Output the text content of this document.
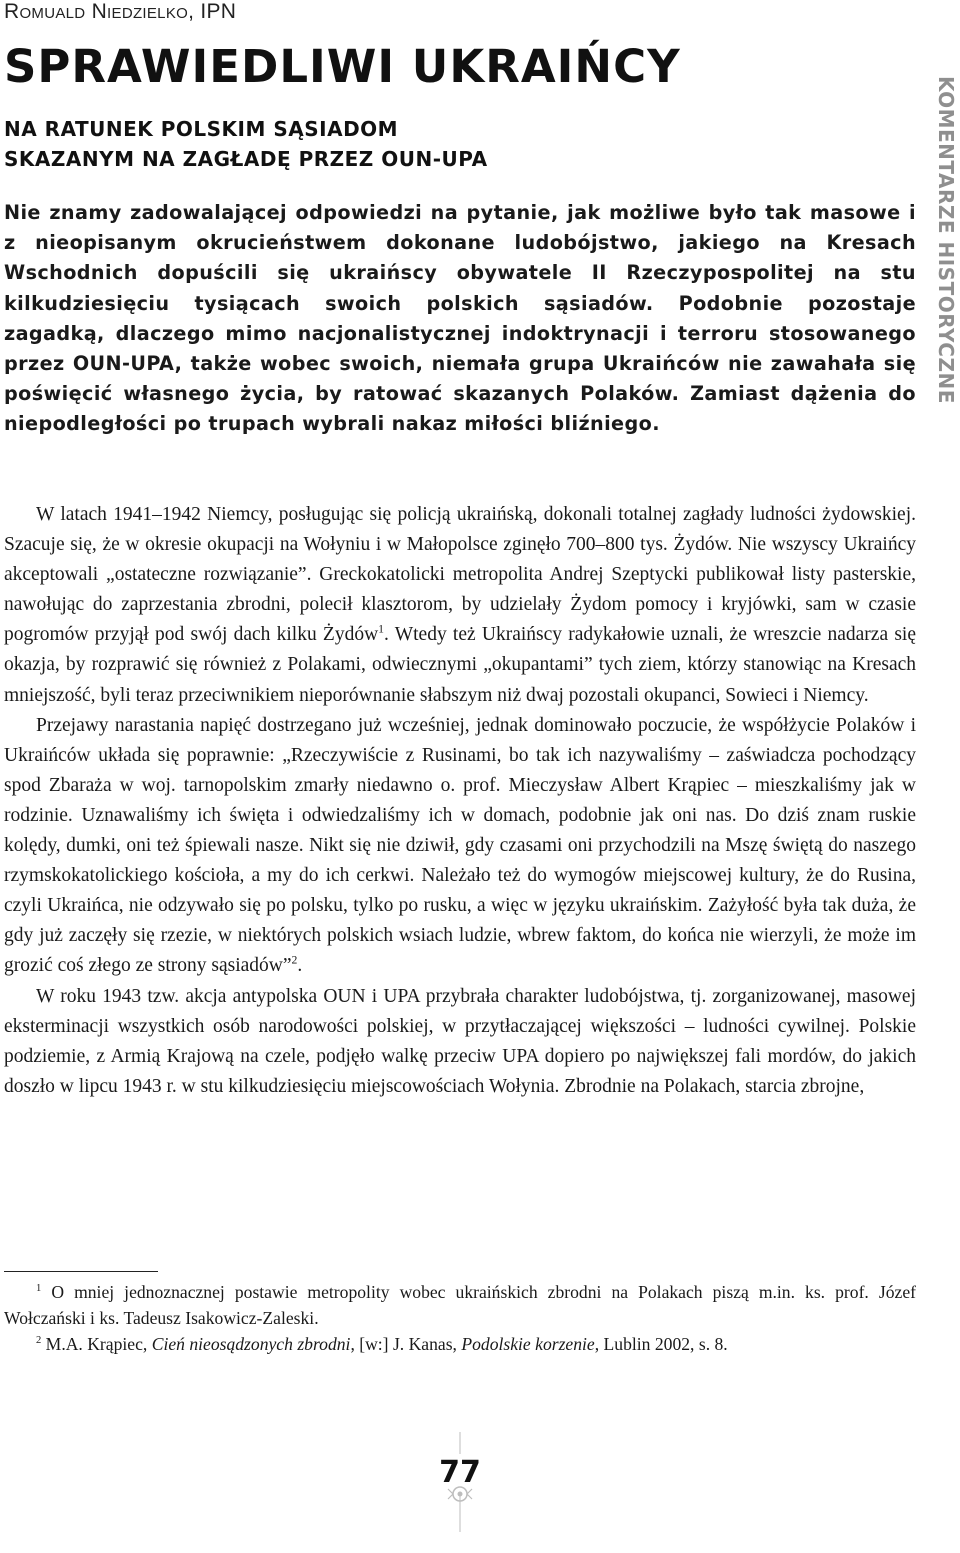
Romuald Niedzielko, IPN
KOMENTARZE HISTORYCZNE
SPRAWIEDLIWI UKRAIŃCY
NA RATUNEK POLSKIM SĄSIADOM
SKAZANYM NA ZAGŁADĘ PRZEZ OUN-UPA

Nie znamy zadowalającej odpowiedzi na pytanie, jak możliwe było tak masowe i z nieopisanym okrucieństwem dokonane ludobójstwo, jakiego na Kresach Wschodnich dopuścili się ukraińscy obywatele II Rzeczypospolitej na stu kilkudziesięciu tysiącach swoich polskich sąsiadów. Podobnie pozostaje zagadką, dlaczego mimo nacjonalistycznej indoktrynacji i terroru stosowanego przez OUN-UPA, także wobec swoich, niemała grupa Ukraińców nie zawahała się poświęcić własnego życia, by ratować skazanych Polaków. Zamiast dążenia do niepodległości po trupach wybrali nakaz miłości bliźniego.

W latach 1941–1942 Niemcy, posługując się policją ukraińską, dokonali totalnej zagłady ludności żydowskiej. Szacuje się, że w okresie okupacji na Wołyniu i w Małopolsce zginęło 700–800 tys. Żydów. Nie wszyscy Ukraińcy akceptowali „ostateczne rozwiązanie”. Greckokatolicki metropolita Andrej Szeptycki publikował listy pasterskie, nawołując do zaprzestania zbrodni, polecił klasztorom, by udzielały Żydom pomocy i kryjówki, sam w czasie pogromów przyjął pod swój dach kilku Żydów$^1$. Wtedy też Ukraińscy radykałowie uznali, że wreszcie nadarza się okazja, by rozprawić się również z Polakami, odwiecznymi „okupantami” tych ziem, którzy stanowiąc na Kresach mniejszość, byli teraz przeciwnikiem nieporównanie słabszym niż dwaj pozostali okupanci, Sowieci i Niemcy.

Przejawy narastania napięć dostrzegano już wcześniej, jednak dominowało poczucie, że współżycie Polaków i Ukraińców układa się poprawnie: „Rzeczywiście z Rusinami, bo tak ich nazywaliśmy – zaświadcza pochodzący spod Zbaraża w woj. tarnopolskim zmarły niedawno o. prof. Mieczysław Albert Krąpiec – mieszkaliśmy jak w rodzinie. Uznawaliśmy ich święta i odwiedzaliśmy ich w domach, podobnie jak oni nas. Do dziś znam ruskie kolędy, dumki, oni też śpiewali nasze. Nikt się nie dziwił, gdy czasami oni przychodzili na Mszę świętą do naszego rzymskokatolickiego kościoła, a my do ich cerkwi. Należało też do wymogów miejscowej kultury, że do Rusina, czyli Ukraińca, nie odzywało się po polsku, tylko po rusku, a więc w języku ukraińskim. Zażyłość była tak duża, że gdy już zaczęły się rzezie, w niektórych polskich wsiach ludzie, wbrew faktom, do końca nie wierzyli, że może im grozić coś złego ze strony sąsiadów”$^2$.

W roku 1943 tzw. akcja antypolska OUN i UPA przybrała charakter ludobójstwa, tj. zorganizowanej, masowej eksterminacji wszystkich osób narodowości polskiej, w przytłaczającej większości – ludności cywilnej. Polskie podziemie, z Armią Krajową na czele, podjęło walkę przeciw UPA dopiero po największej fali mordów, do jakich doszło w lipcu 1943 r. w stu kilkudziesięciu miejscowościach Wołynia. Zbrodnie na Polakach, starcia zbrojne,

$^1$ O mniej jednoznacznej postawie metropolity wobec ukraińskich zbrodni na Polakach piszą m.in. ks. prof. Józef Wołczański i ks. Tadeusz Isakowicz-Zaleski.

$^2$ M.A. Krąpiec, Cień nieosądzonych zbrodni, [w:] J. Kanas, Podolskie korzenie, Lublin 2002, s. 8.

77
